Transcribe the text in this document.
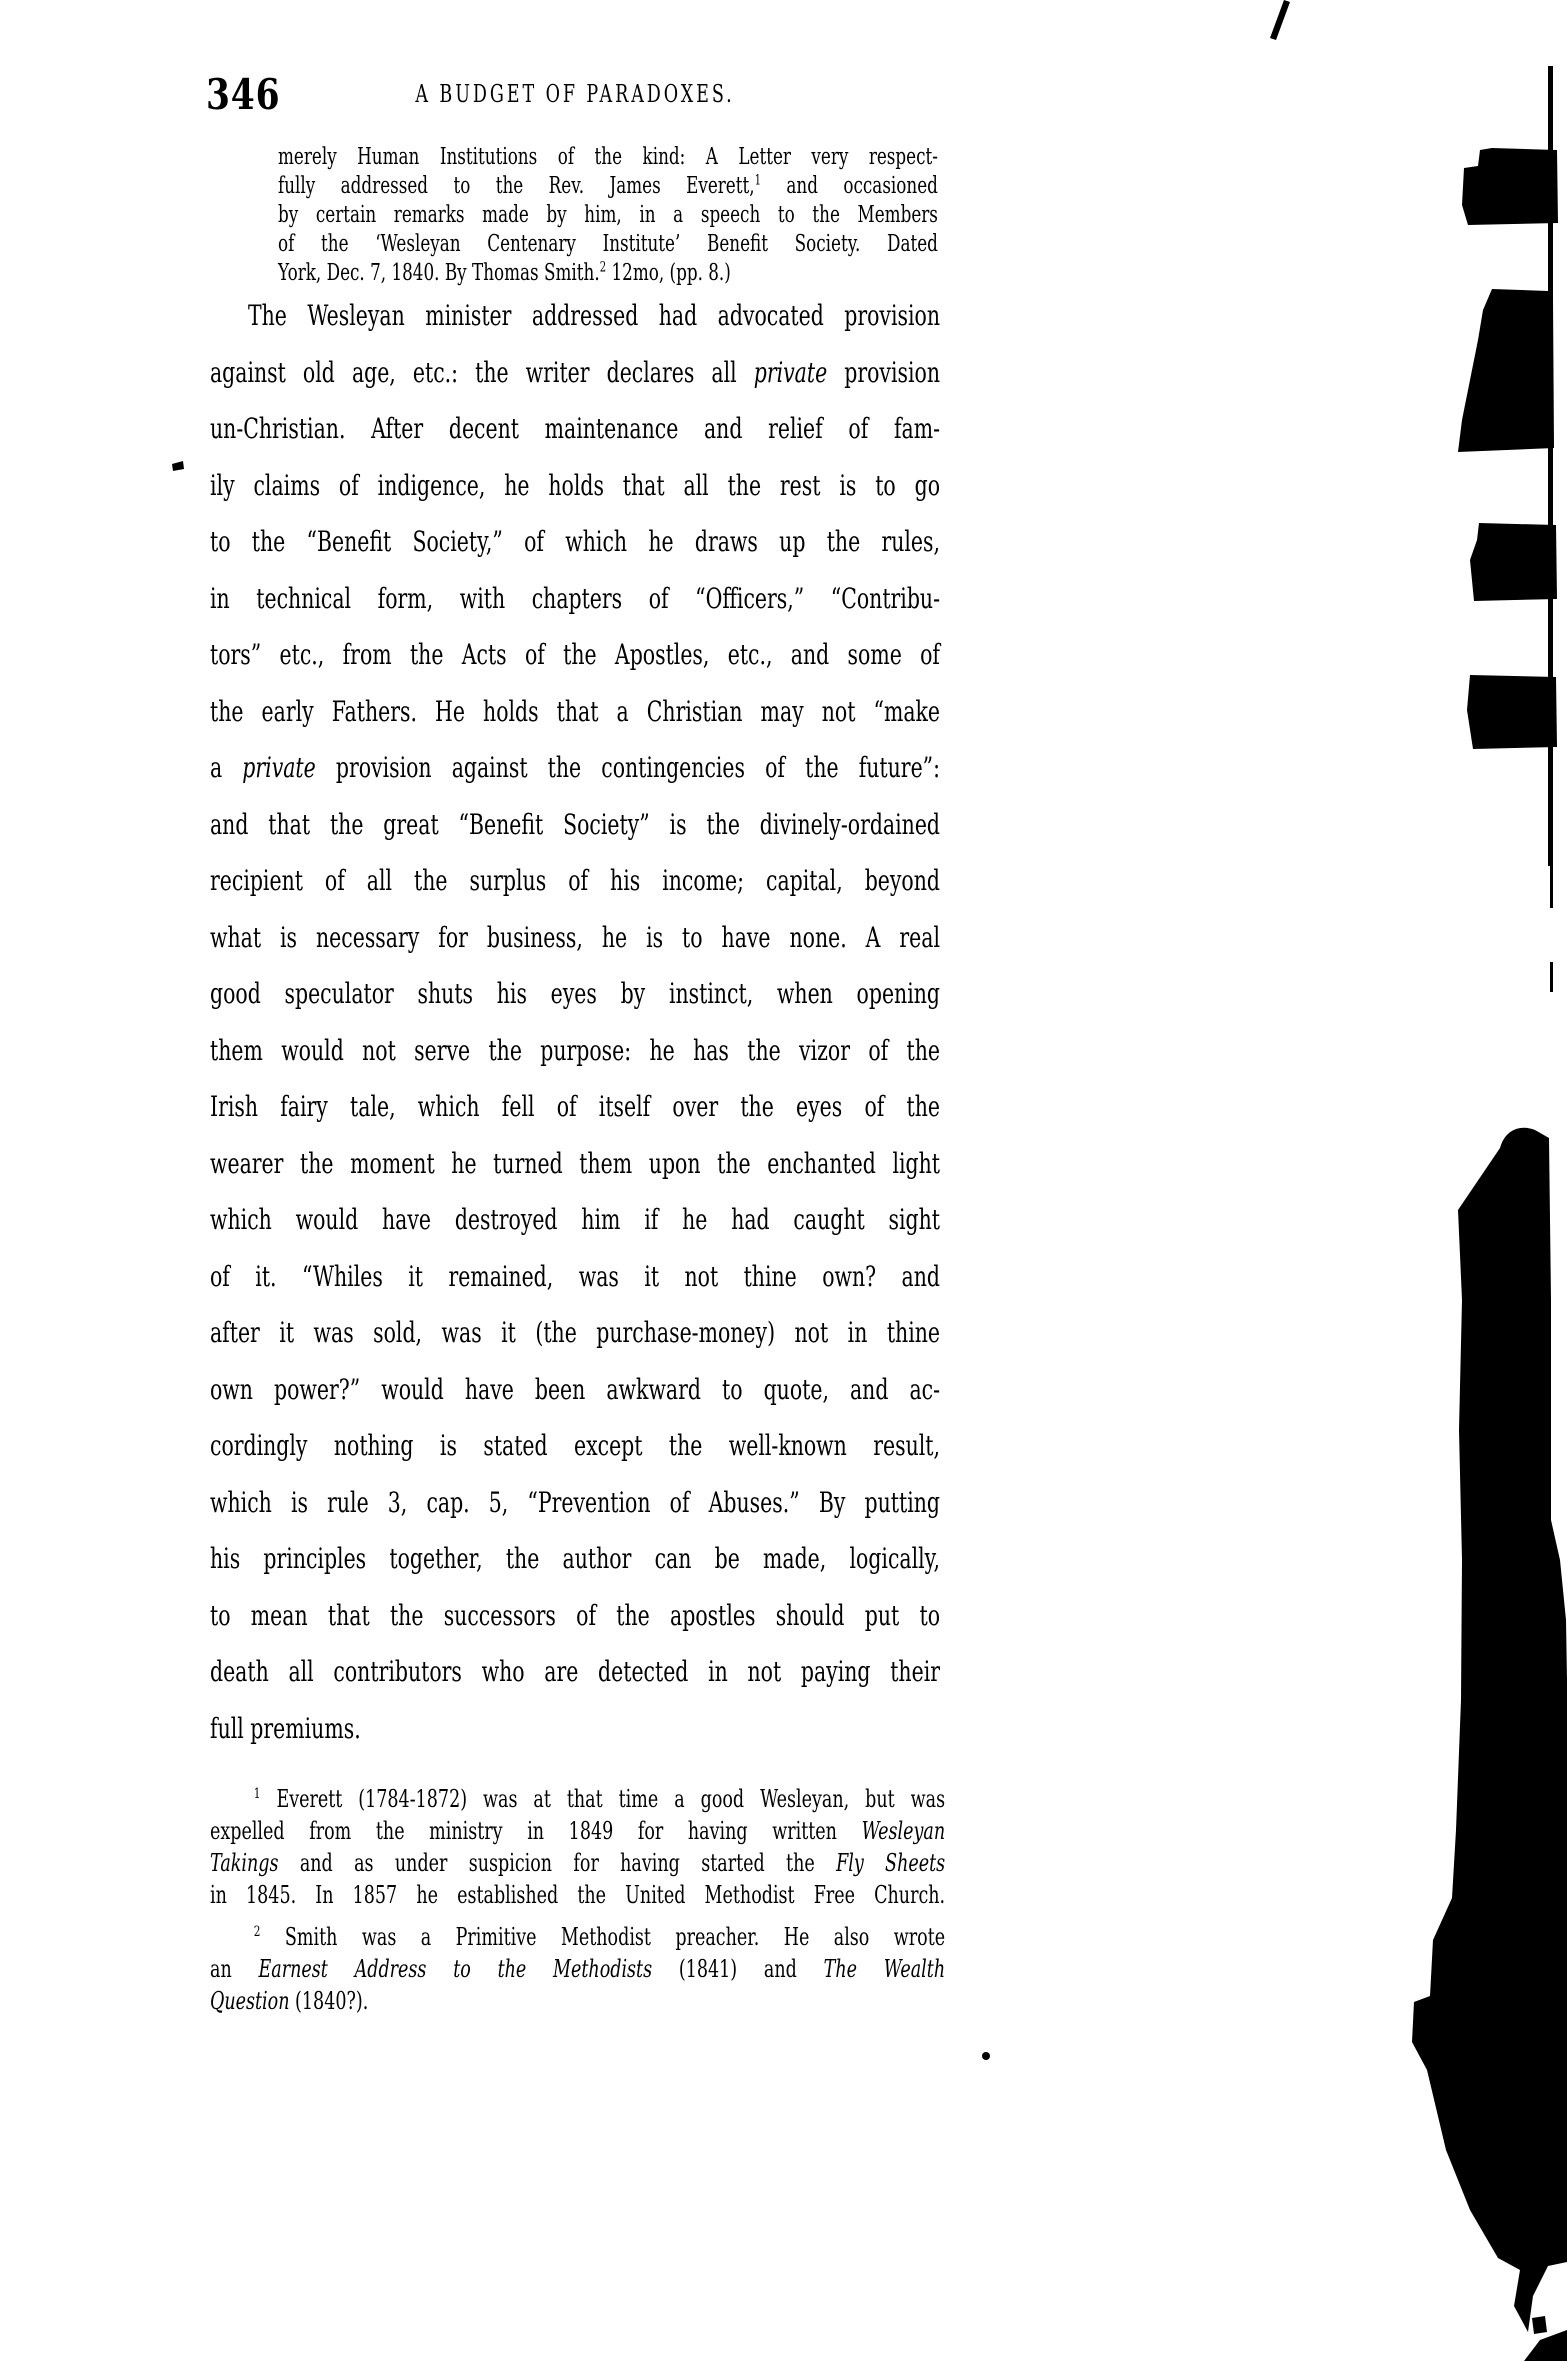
346	A BUDGET OF PARADOXES.
merely Human Institutions of the kind: A Letter very respect-
fully addressed to the Rev. James Everett,$^1$ and occasioned
by certain remarks made by him, in a speech to the Members
of the ‘Wesleyan Centenary Institute’ Benefit Society. Dated
York, Dec. 7, 1840. By Thomas Smith.$^2$ 12mo, (pp. 8.)
The Wesleyan minister addressed had advocated provision
against old age, etc.: the writer declares all private provision
un-Christian. After decent maintenance and relief of fam-
ily claims of indigence, he holds that all the rest is to go
to the “Benefit Society,” of which he draws up the rules,
in technical form, with chapters of “Officers,” “Contribu-
tors” etc., from the Acts of the Apostles, etc., and some of
the early Fathers. He holds that a Christian may not “make
a private provision against the contingencies of the future”:
and that the great “Benefit Society” is the divinely-ordained
recipient of all the surplus of his income; capital, beyond
what is necessary for business, he is to have none. A real
good speculator shuts his eyes by instinct, when opening
them would not serve the purpose: he has the vizor of the
Irish fairy tale, which fell of itself over the eyes of the
wearer the moment he turned them upon the enchanted light
which would have destroyed him if he had caught sight
of it. “Whiles it remained, was it not thine own? and
after it was sold, was it (the purchase-money) not in thine
own power?” would have been awkward to quote, and ac-
cordingly nothing is stated except the well-known result,
which is rule 3, cap. 5, “Prevention of Abuses.” By putting
his principles together, the author can be made, logically,
to mean that the successors of the apostles should put to
death all contributors who are detected in not paying their
full premiums.
$^1$ Everett (1784-1872) was at that time a good Wesleyan, but was
expelled from the ministry in 1849 for having written Wesleyan
Takings and as under suspicion for having started the Fly Sheets
in 1845. In 1857 he established the United Methodist Free Church.
$^2$ Smith was a Primitive Methodist preacher. He also wrote
an Earnest Address to the Methodists (1841) and The Wealth
Question (1840?).
